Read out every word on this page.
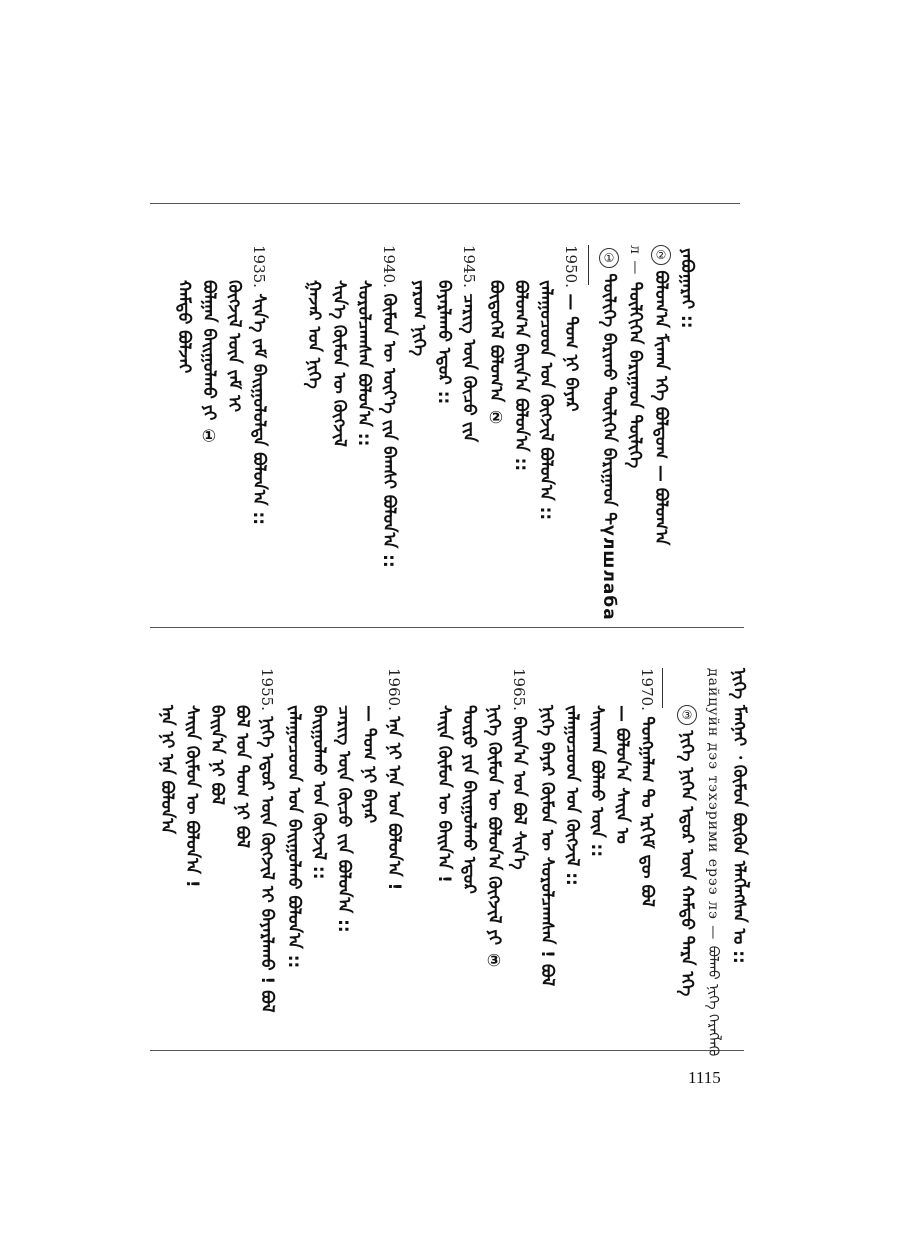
ᠶᠠᠪᠤᠭᠠᠷᠠᠢ ::
② ᠪᠣᠯᠤᠭ᠎ᠠ ᠮᠢᠬᠠᠨ ᠡᠬᠡ ᠪᠣᠯᠳᠤᠭ — ᠪᠣᠯᠤᠭ᠎ᠠ
л — ᠲᠦᠯᠬᠢᠭᠡᠨ ᠪᠠᠷᠢᠭᠠᠳ ᠲᠦᠯᠢᠭᠡ
① ᠲᠦᠯᠢᠭᠡ ᠪᠠᠷᠢᠬᠤ ᠲᠦᠯᠢᠭᠡᠨ ᠪᠠᠷᠢᠭᠠᠳ ᠲүлшлаба
1950. — ᠲᠣᠭ ᠨᠢ ᠪᠠᠶᠠᠷ
ᠵᠠᠯᠠᠭᠤᠴᠤᠳ ᠤᠨ ᠬᠥᠭᠵᠢᠯ ᠪᠣᠯᠤᠨ᠎ᠠ ::
ᠪᠣᠯᠤᠭ᠎ᠠ ᠪᠠᠢᠨ᠎ᠠ ᠪᠣᠯᠤᠨ᠎ᠠ ::
ᠪᠦᠲᠦᠭᠡᠯ ᠪᠣᠯᠤᠭ᠎ᠠ ②
1945. ᠴᠡᠷᠢᠭ ᠦᠨ ᠬᠦᠴᠦ ᠵᠢᠨ
ᠪᠠᠶᠠᠷᠯᠠᠬᠤ ᠡᠳᠦᠷ ::
ᠶᠠᠷᠤᠭ ᠨᠢᠭᠡ
1940. ᠬᠦᠮᠦᠨ ᠦ ᠦᠶ᠎ᠡ ᠵᠢᠨ ᠪᠠᠭᠰᠢ ᠪᠣᠯᠤᠨ᠎ᠠ ::
ᠰᠤᠷᠤᠯᠴᠠᠭᠰᠠᠨ ᠪᠣᠯᠤᠨ᠎ᠠ ::
ᠰᠢᠨ᠎ᠡ ᠬᠦᠮᠦᠨ ᠦ ᠬᠥᠭᠵᠢᠯ
ᠭᠠᠵᠠᠷ ᠤᠨ ᠨᠢᠭᠡ
1935. ᠰᠢᠨ᠎ᠡ ᠵᠠᠮ ᠪᠠᠢᠭᠤᠯᠤᠯᠲᠠ ᠪᠣᠯᠤᠨ᠎ᠠ ::
ᠬᠥᠭᠵᠢᠯ ᠦᠨ ᠵᠠᠮ ᠢ
ᠪᠣᠯᠭᠠᠨ ᠪᠠᠢᠭᠤᠯᠬᠤ ᠶᠢ ①
ᠬᠠᠮᠲᠤ ᠪᠣᠯᠵᠠᠢ
ᠨᠢᠭᠡ ᠮᠠᠩᠨᠠᠢ ᠂ ᠬᠦᠮᠦᠨ ᠪᠦᠬᠦᠨ ᠡᠯᠡᠭᠯᠡᠭᠰᠡᠨ ᠤ ::
③ ᠨᠢᠭᠡ ᠨᠢᠭᠡᠨ ᠡᠳᠦᠷ ᠦᠨ ᠬᠠᠮᠲᠤ ᠲᠡᠷᠡ ᠡᠬᠡ дайцуйн дээ тэхэрими ерээ лэ — ᠪᠣᠯᠬᠤ ᠨᠢᠭᠡ ᠬᠡᠷᠡᠭᠯᠡᠬᠦ
1970. ᠲᠤᠩᠭᠠᠯᠠᠭ ᠲᠤ ᠡᠷᠬᠢᠮ ᠳᠦ ᠪᠣᠯ
— ᠪᠣᠯᠤᠨ᠎ᠠ ᠰᠠᠢᠨ ᠤ
ᠰᠠᠢᠬᠠᠨ ᠪᠣᠯᠬᠤ ᠦᠨ ::
ᠵᠠᠯᠠᠭᠤᠴᠤᠳ ᠤᠨ ᠬᠥᠭᠵᠢᠯ ::
ᠨᠢᠭᠡ ᠪᠠᠶᠠᠷ ᠬᠦᠮᠦᠨ ᠦ ᠰᠤᠷᠤᠯᠴᠠᠭᠰᠠᠨ ! ᠪᠣᠯ
1965. ᠪᠠᠢᠨ᠎ᠠ ᠤᠨ ᠪᠣᠯ ᠰᠢᠨ᠎ᠡ
ᠨᠢᠭᠡ ᠬᠦᠮᠦᠨ ᠦ ᠪᠣᠯᠤᠨ᠎ᠠ ᠬᠥᠭᠵᠢᠯ ᠶᠢ ③
ᠲᠦᠷᠦ ᠶᠢᠨ ᠪᠠᠢᠭᠤᠯᠬᠤ ᠡᠳᠦᠷ
ᠰᠠᠢᠨ ᠬᠦᠮᠦᠨ ᠦ ᠪᠠᠢᠨ᠎ᠠ !
1960. ᠡᠨᠡ ᠨᠢ ᠡᠨᠡ ᠤᠨ ᠪᠣᠯᠤᠨ᠎ᠠ !
— ᠲᠣᠭ ᠨᠢ ᠪᠠᠶᠠᠷ
ᠴᠡᠷᠢᠭ ᠦᠨ ᠬᠦᠴᠦ ᠵᠢᠨ ᠪᠣᠯᠤᠨ᠎ᠠ ::
ᠪᠠᠢᠭᠤᠯᠬᠤ ᠤᠨ ᠬᠥᠭᠵᠢᠯ ::
ᠵᠠᠯᠠᠭᠤᠴᠤᠳ ᠤᠨ ᠪᠠᠢᠭᠤᠯᠬᠤ ᠪᠣᠯᠤᠨ᠎ᠠ ::
1955. ᠨᠢᠭᠡ ᠡᠳᠦᠷ ᠦᠨ ᠬᠥᠭᠵᠢᠯ ᠢ ᠪᠠᠶᠠᠷᠯᠠᠬᠤ ! ᠪᠣᠯ
ᠪᠣᠯ ᠤᠨ ᠲᠣᠭ ᠨᠢ ᠪᠣᠯ
ᠪᠠᠢᠨ᠎ᠠ ᠨᠢ ᠪᠣᠯ
ᠰᠠᠢᠨ ᠬᠦᠮᠦᠨ ᠦ ᠪᠣᠯᠤᠨ᠎ᠠ !
ᠡᠨᠡ ᠨᠢ ᠡᠨᠡ ᠪᠣᠯᠤᠨ᠎ᠠ
1115
